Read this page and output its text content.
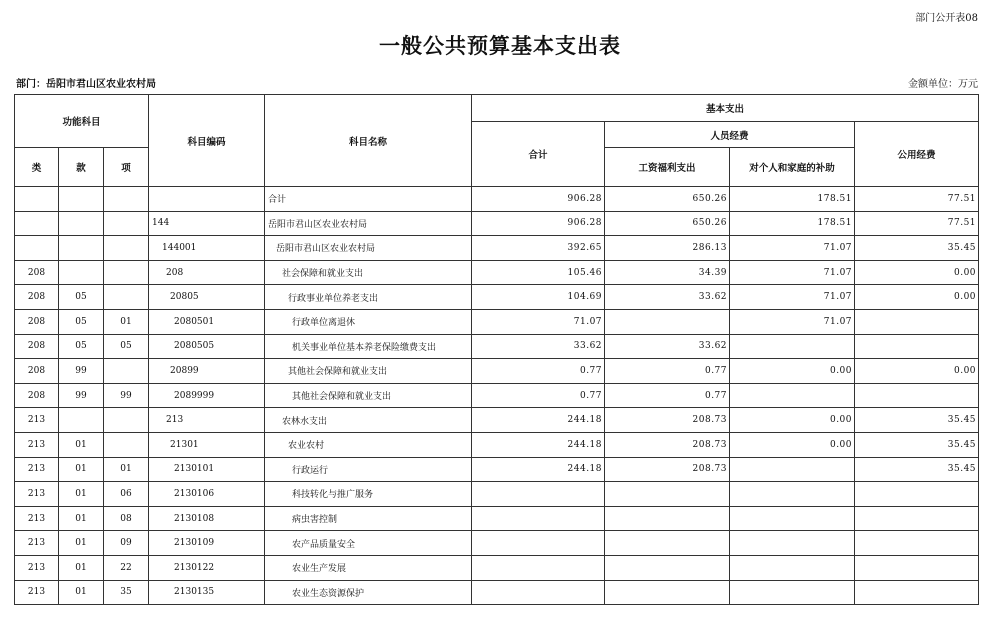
部门公开表08
一般公共预算基本支出表
部门：岳阳市君山区农业农村局	金额单位：万元
功能科目			科目编码	科目名称	基本支出			
					合计	人员经费		公用经费
类	款	项				工资福利支出	对个人和家庭的补助	
				合计	906.28	650.26	178.51	77.51
			144	岳阳市君山区农业农村局	906.28	650.26	178.51	77.51
			144001	岳阳市君山区农业农村局	392.65	286.13	71.07	35.45
208			208	社会保障和就业支出	105.46	34.39	71.07	0.00
208	05		20805	行政事业单位养老支出	104.69	33.62	71.07	0.00
208	05	01	2080501	行政单位离退休	71.07		71.07	
208	05	05	2080505	机关事业单位基本养老保险缴费支出	33.62	33.62		
208	99		20899	其他社会保障和就业支出	0.77	0.77	0.00	0.00
208	99	99	2089999	其他社会保障和就业支出	0.77	0.77		
213			213	农林水支出	244.18	208.73	0.00	35.45
213	01		21301	农业农村	244.18	208.73	0.00	35.45
213	01	01	2130101	行政运行	244.18	208.73		35.45
213	01	06	2130106	科技转化与推广服务				
213	01	08	2130108	病虫害控制				
213	01	09	2130109	农产品质量安全				
213	01	22	2130122	农业生产发展				
213	01	35	2130135	农业生态资源保护				
